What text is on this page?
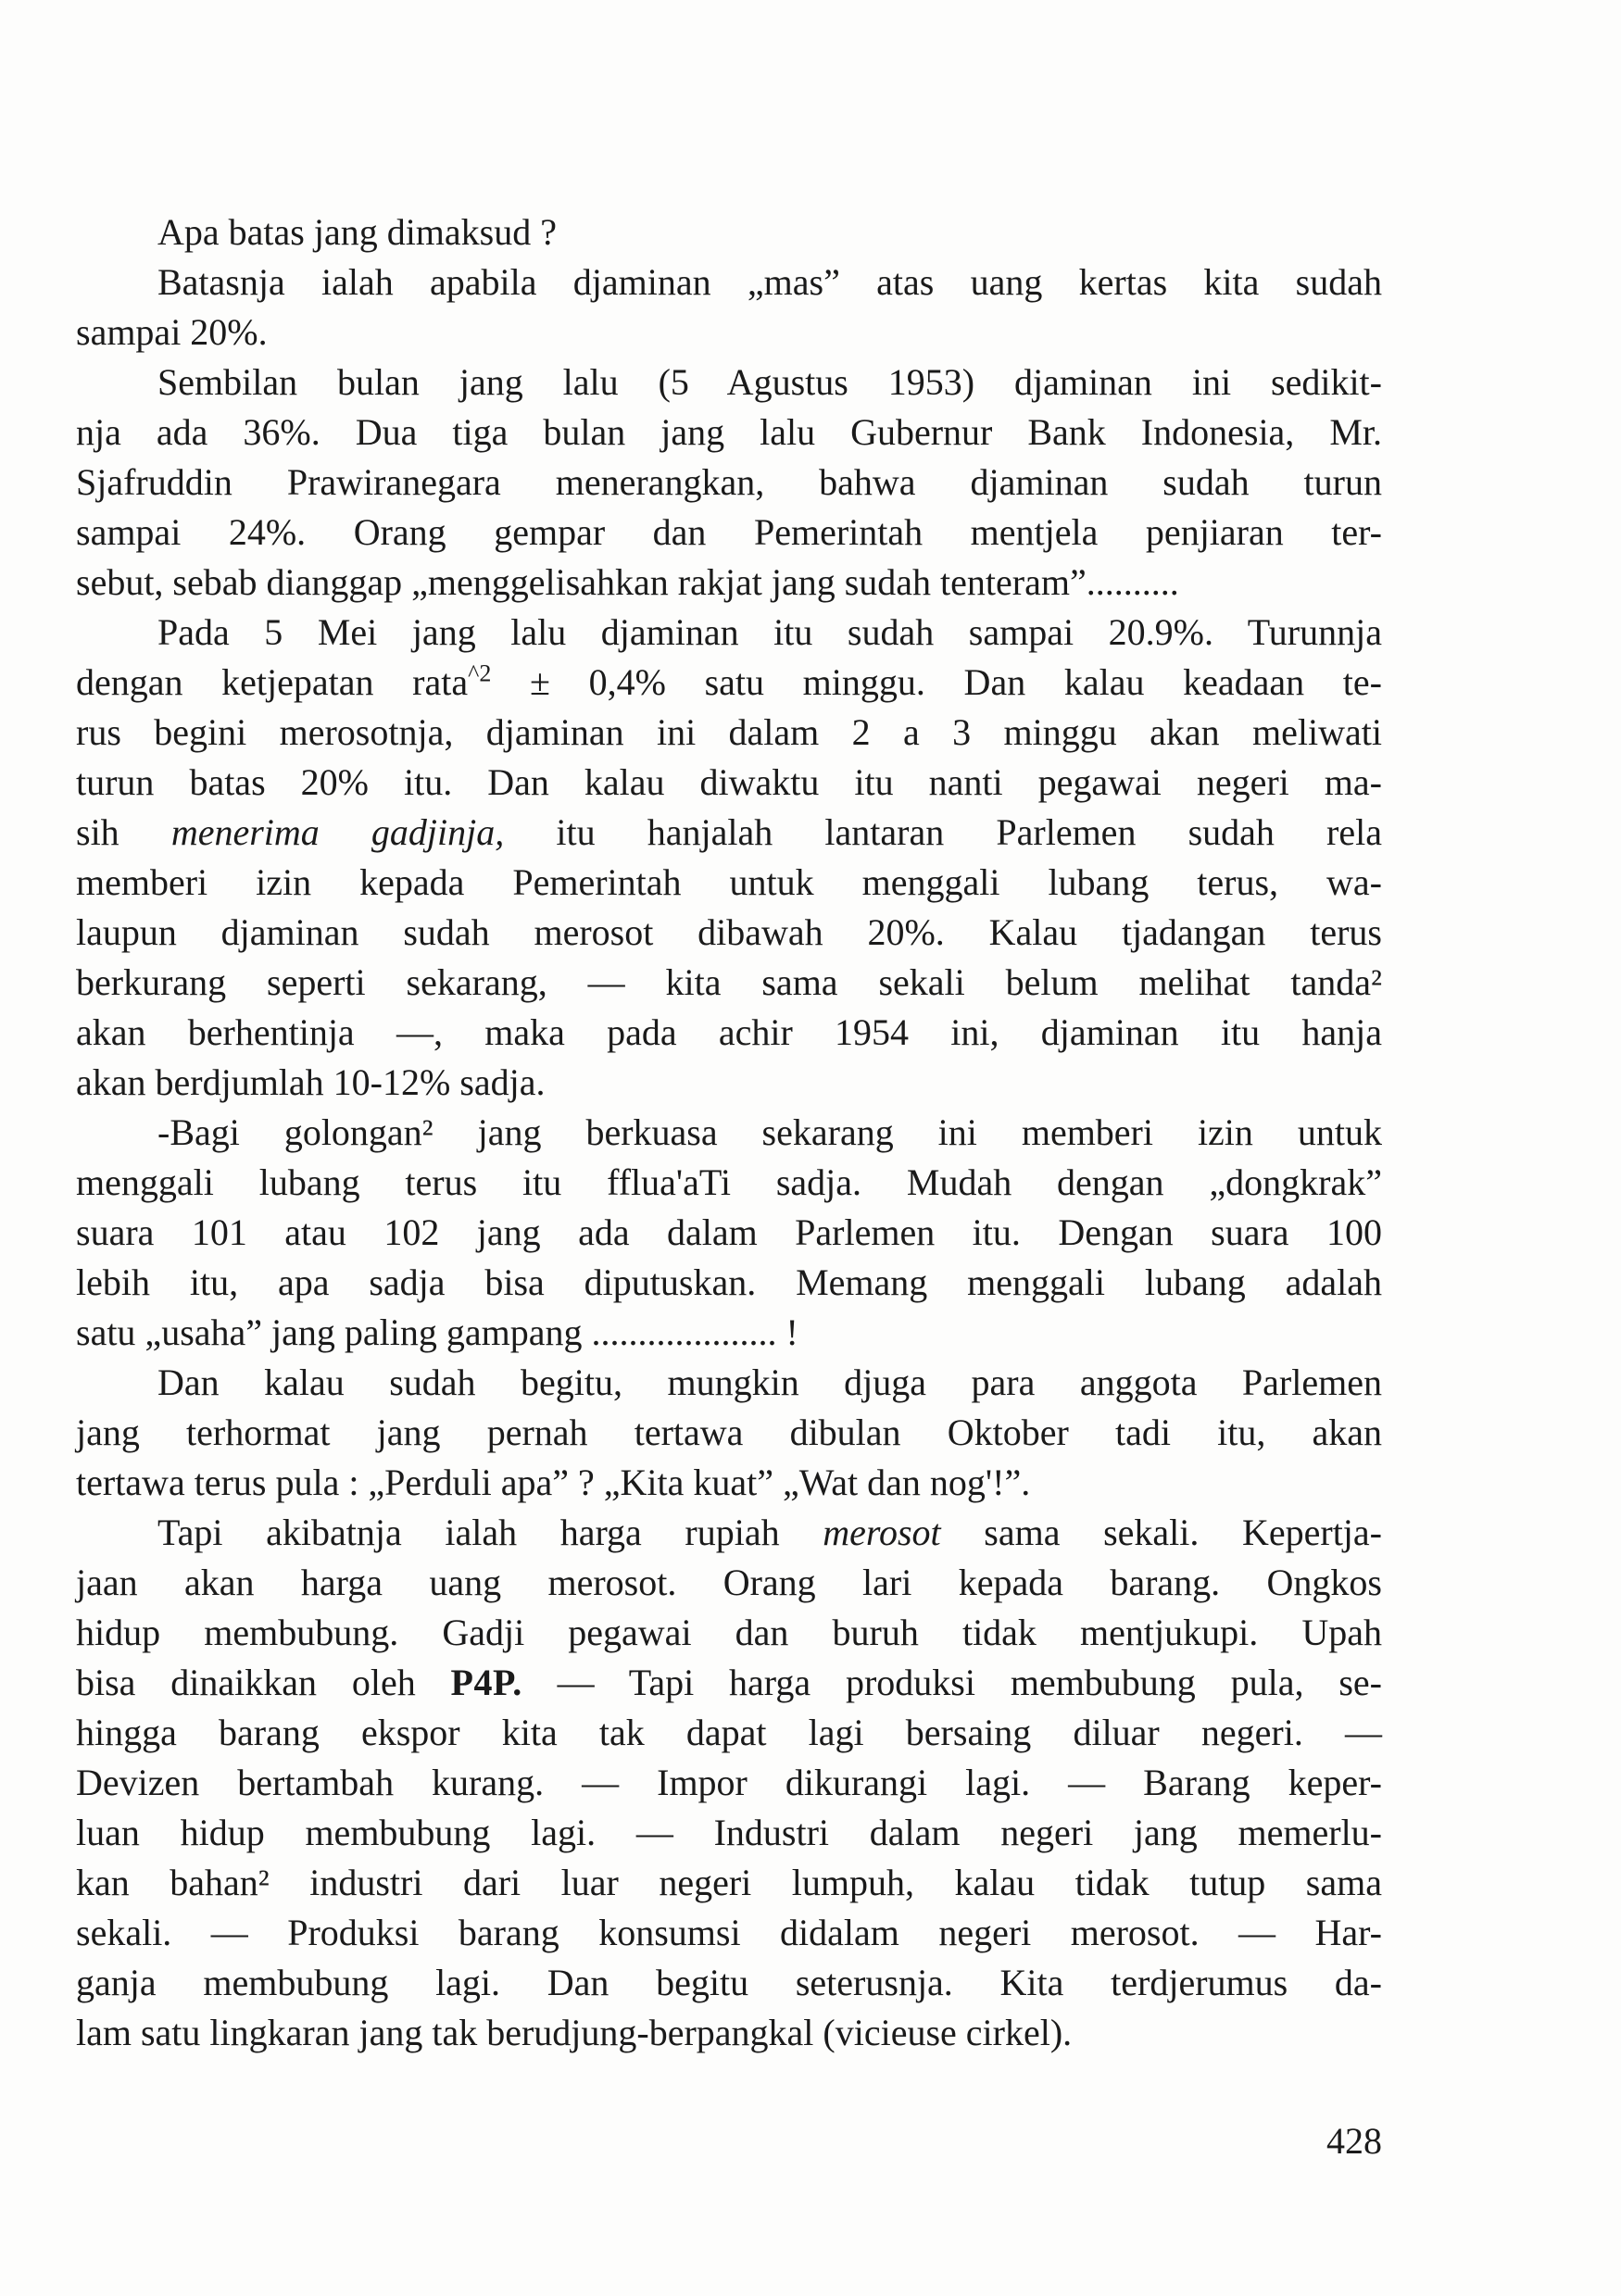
Apa batas jang dimaksud ?
Batasnja ialah apabila djaminan „mas” atas uang kertas kita sudah
sampai 20%.
Sembilan bulan jang lalu (5 Agustus 1953) djaminan ini sedikit-
nja ada 36%. Dua tiga bulan jang lalu Gubernur Bank Indonesia, Mr.
Sjafruddin Prawiranegara menerangkan, bahwa djaminan sudah turun
sampai 24%. Orang gempar dan Pemerintah mentjela penjiaran ter-
sebut, sebab dianggap „menggelisahkan rakjat jang sudah tenteram”..........
Pada 5 Mei jang lalu djaminan itu sudah sampai 20.9%. Turunnja
dengan ketjepatan rata$^{\^{}2}$ ± 0,4% satu minggu. Dan kalau keadaan te-
rus begini merosotnja, djaminan ini dalam 2 a 3 minggu akan meliwati
turun batas 20% itu. Dan kalau diwaktu itu nanti pegawai negeri ma-
sih menerima gadjinja, itu hanjalah lantaran Parlemen sudah rela
memberi izin kepada Pemerintah untuk menggali lubang terus, wa-
laupun djaminan sudah merosot dibawah 20%. Kalau tjadangan terus
berkurang seperti sekarang, — kita sama sekali belum melihat tanda²
akan berhentinja —, maka pada achir 1954 ini, djaminan itu hanja
akan berdjumlah 10-12% sadja.
-Bagi golongan² jang berkuasa sekarang ini memberi izin untuk
menggali lubang terus itu fflua'aTi sadja. Mudah dengan „dongkrak”
suara 101 atau 102 jang ada dalam Parlemen itu. Dengan suara 100
lebih itu, apa sadja bisa diputuskan. Memang menggali lubang adalah
satu „usaha” jang paling gampang .................... !
Dan kalau sudah begitu, mungkin djuga para anggota Parlemen
jang terhormat jang pernah tertawa dibulan Oktober tadi itu, akan
tertawa terus pula : „Perduli apa” ? „Kita kuat” „Wat dan nog'!”.
Tapi akibatnja ialah harga rupiah merosot sama sekali. Kepertja-
jaan akan harga uang merosot. Orang lari kepada barang. Ongkos
hidup membubung. Gadji pegawai dan buruh tidak mentjukupi. Upah
bisa dinaikkan oleh P4P. — Tapi harga produksi membubung pula, se-
hingga barang ekspor kita tak dapat lagi bersaing diluar negeri. —
Devizen bertambah kurang. — Impor dikurangi lagi. — Barang keper-
luan hidup membubung lagi. — Industri dalam negeri jang memerlu-
kan bahan² industri dari luar negeri lumpuh, kalau tidak tutup sama
sekali. — Produksi barang konsumsi didalam negeri merosot. — Har-
ganja membubung lagi. Dan begitu seterusnja. Kita terdjerumus da-
lam satu lingkaran jang tak berudjung-berpangkal (vicieuse cirkel).
428
